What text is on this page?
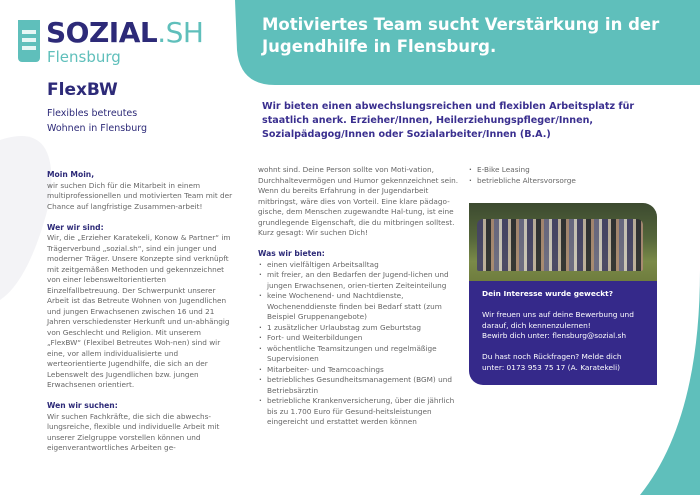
SOZIAL.SH
Flensburg
FlexBW
Flexibles betreutes
Wohnen in Flensburg
Motiviertes Team sucht Verstärkung in der Jugendhilfe in Flensburg.
Wir bieten einen abwechslungsreichen und flexiblen Arbeitsplatz für staatlich anerk. Erzieher/Innen, Heilerziehungspfleger/Innen, Sozialpädagog/Innen oder Sozialarbeiter/Innen (B.A.)
Moin Moin,

wir suchen Dich für die Mitarbeit in einem multiprofessionellen und motivierten Team mit der Chance auf langfristige Zusammen-arbeit!

Wer wir sind:

Wir, die „Erzieher Karatekeli, Konow & Partner“ im Trägerverbund „sozial.sh“, sind ein junger und moderner Träger. Unsere Konzepte sind verknüpft mit zeitgemäßen Methoden und gekennzeichnet von einer lebensweltorientierten Einzelfallbetreuung. Der Schwerpunkt unserer Arbeit ist das Betreute Wohnen von Jugendlichen und jungen Erwachsenen zwischen 16 und 21 Jahren verschiedenster Herkunft und un-abhängig von Geschlecht und Religion. Mit unserem „FlexBW“ (Flexibel Betreutes Woh-nen) sind wir eine, vor allem individualisierte und werteorientierte Jugendhilfe, die sich an der Lebenswelt des Jugendlichen bzw. jungen Erwachsenen orientiert.

Wen wir suchen:

Wir suchen Fachkräfte, die sich die abwechs-lungsreiche, flexible und individuelle Arbeit mit unserer Zielgruppe vorstellen können und eigenverantwortliches Arbeiten ge-

wohnt sind. Deine Person sollte von Moti-vation, Durchhaltevermögen und Humor gekennzeichnet sein. Wenn du bereits Erfahrung in der Jugendarbeit mitbringst, wäre dies von Vorteil. Eine klare pädago-gische, dem Menschen zugewandte Hal-tung, ist eine grundlegende Eigenschaft, die du mitbringen solltest.

Kurz gesagt: Wir suchen Dich!

Was wir bieten:
· einen vielfältigen Arbeitsalltag
· mit freier, an den Bedarfen der Jugend-lichen und jungen Erwachsenen, orien-tierten Zeiteinteilung
· keine Wochenend- und Nachtdienste, Wochenenddienste finden bei Bedarf statt (zum Beispiel Gruppenangebote)
· 1 zusätzlicher Urlaubstag zum Geburtstag
· Fort- und Weiterbildungen
· wöchentliche Teamsitzungen und regelmäßige Supervisionen
· Mitarbeiter- und Teamcoachings
· betriebliches Gesundheitsmanagement (BGM) und Betriebsärztin
· betriebliche Krankenversicherung, über die jährlich bis zu 1.700 Euro für Gesund-heitsleistungen eingereicht und erstattet werden können
· E-Bike Leasing
· betriebliche Altersvorsorge

Dein Interesse wurde geweckt?

Wir freuen uns auf deine Bewerbung und darauf, dich kennenzulernen!

Bewirb dich unter: flensburg@sozial.sh

Du hast noch Rückfragen? Melde dich unter: 0173 953 75 17 (A. Karatekeli)
